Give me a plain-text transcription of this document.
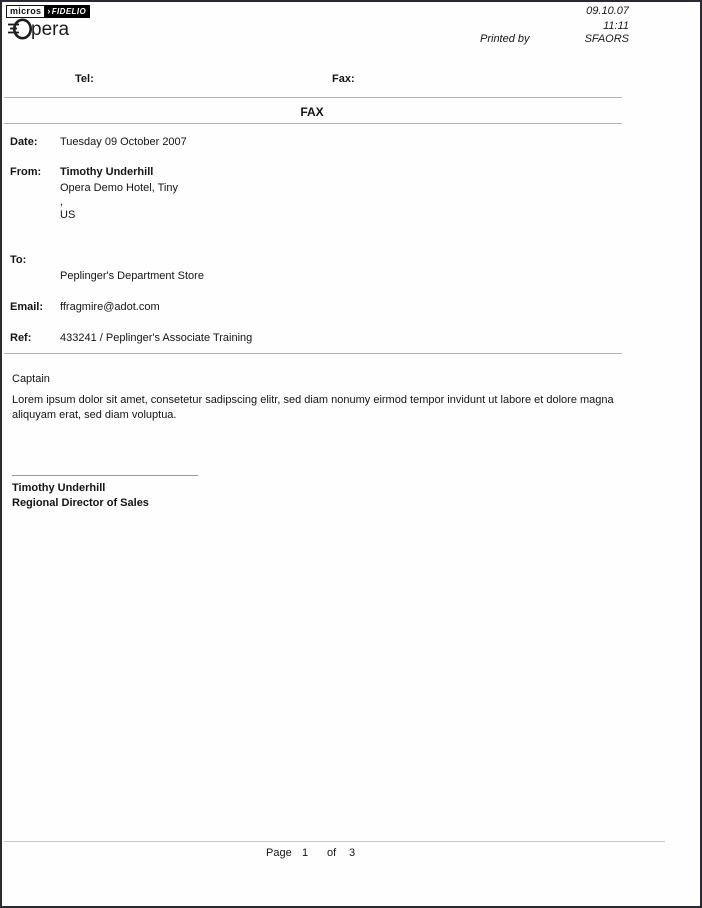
micros › FIDELIO
pera
09.10.07
11:11
Printed by	SFAORS
Tel:	Fax:
FAX
Date: Tuesday 09 October 2007
From: Timothy Underhill
Opera Demo Hotel, Tiny
,
US
To:
Peplinger's Department Store
Email: ffragmire@adot.com
Ref:	433241 / Peplinger's Associate Training
Captain
Lorem ipsum dolor sit amet, consetetur sadipscing elitr, sed diam nonumy eirmod tempor invidunt ut labore et dolore magna aliquyam erat, sed diam voluptua.
Timothy Underhill
Regional Director of Sales
Page 1 of 3
